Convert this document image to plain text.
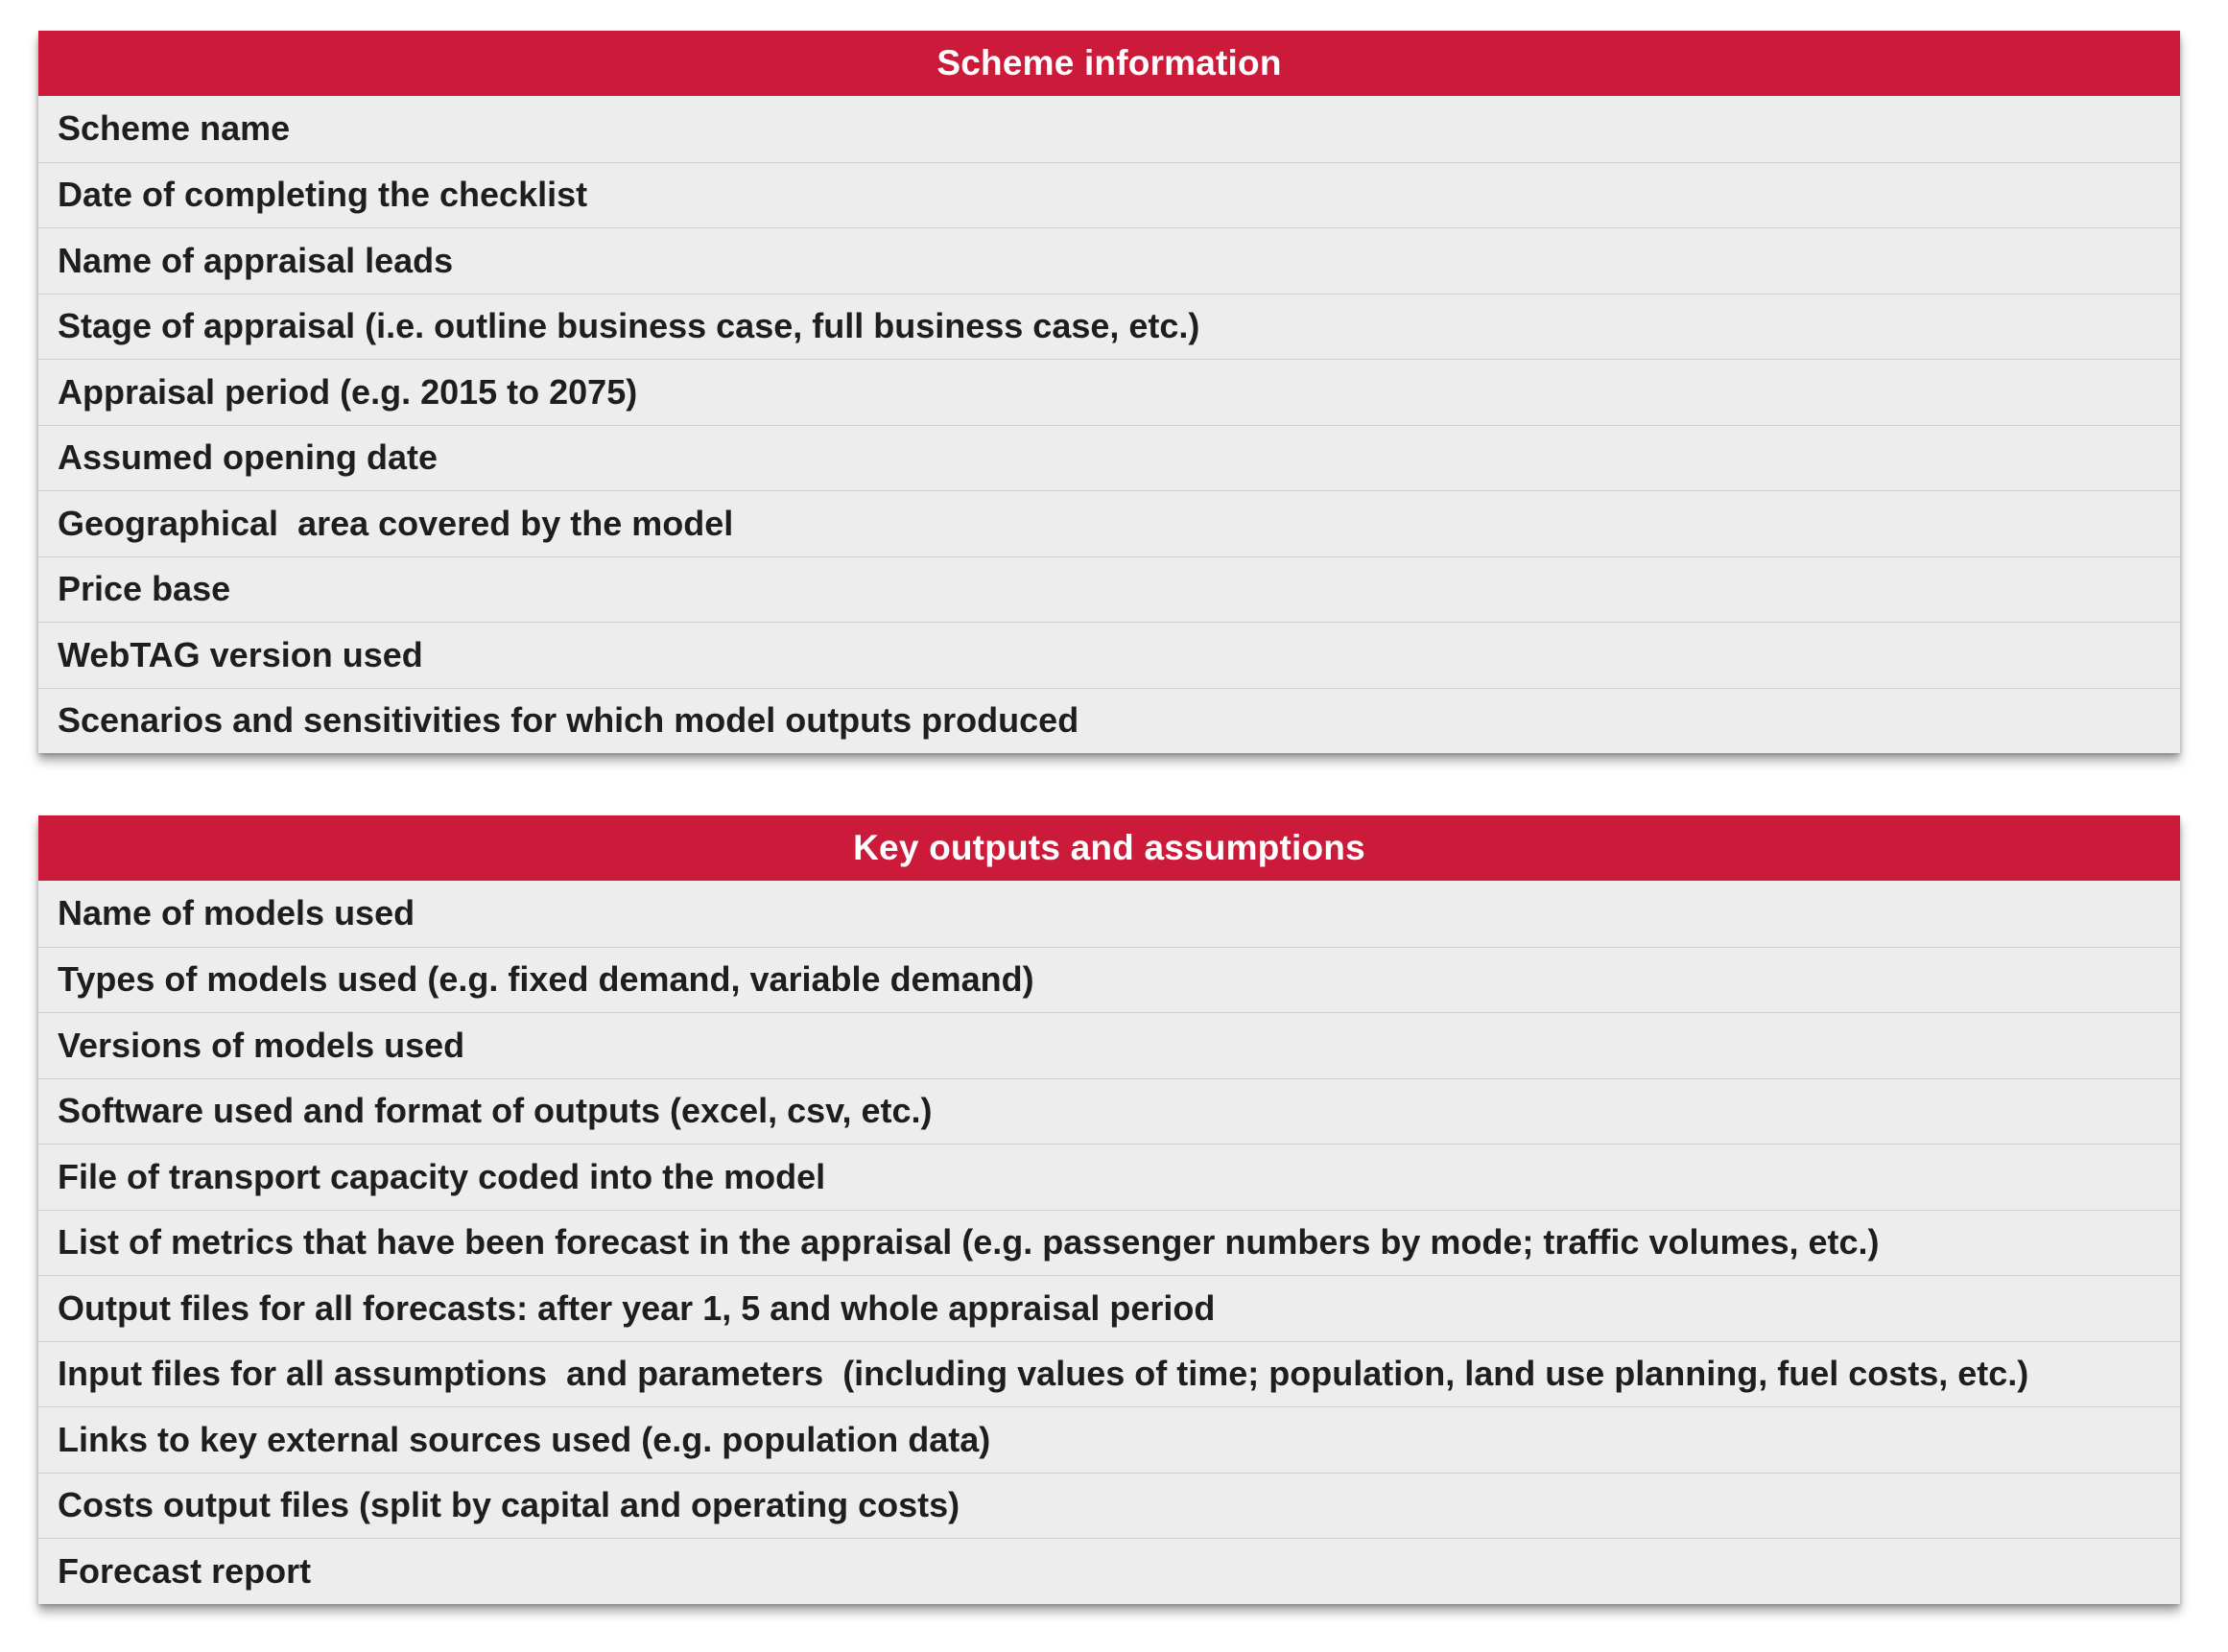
Scheme information
Scheme name
Date of completing the checklist
Name of appraisal leads
Stage of appraisal (i.e. outline business case, full business case, etc.)
Appraisal period (e.g. 2015 to 2075)
Assumed opening date
Geographical  area covered by the model
Price base
WebTAG version used
Scenarios and sensitivities for which model outputs produced
Key outputs and assumptions
Name of models used
Types of models used (e.g. fixed demand, variable demand)
Versions of models used
Software used and format of outputs (excel, csv, etc.)
File of transport capacity coded into the model
List of metrics that have been forecast in the appraisal (e.g. passenger numbers by mode; traffic volumes, etc.)
Output files for all forecasts: after year 1, 5 and whole appraisal period
Input files for all assumptions  and parameters  (including values of time; population, land use planning, fuel costs, etc.)
Links to key external sources used (e.g. population data)
Costs output files (split by capital and operating costs)
Forecast report
